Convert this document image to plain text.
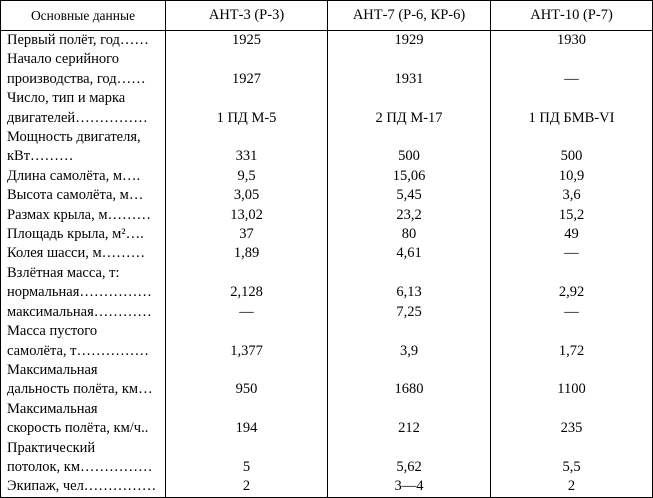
Основные данные	АНТ-3 (Р-3)	АНТ-7 (Р-6, КР-6)	АНТ-10 (Р-7)
Первый полёт, год……	1925	1929	1930
Начало серийного
производства, год……	1927	1931	—
Число, тип и марка
двигателей……………	1 ПД М-5	2 ПД М-17	1 ПД БМВ-VI
Мощность двигателя,
кВт………	331	500	500
Длина самолёта, м….	9,5	15,06	10,9
Высота самолёта, м…	3,05	5,45	3,6
Размах крыла, м………	13,02	23,2	15,2
Площадь крыла, м²….	37	80	49
Колея шасси, м………	1,89	4,61	—
Взлётная масса, т:
нормальная……………	2,128	6,13	2,92
максимальная…………	—	7,25	—
Масса пустого
самолёта, т……………	1,377	3,9	1,72
Максимальная
дальность полёта, км…	950	1680	1100
Максимальная
скорость полёта, км/ч..	194	212	235
Практический
потолок, км……………	5	5,62	5,5
Экипаж, чел……………	2	3—4	2
